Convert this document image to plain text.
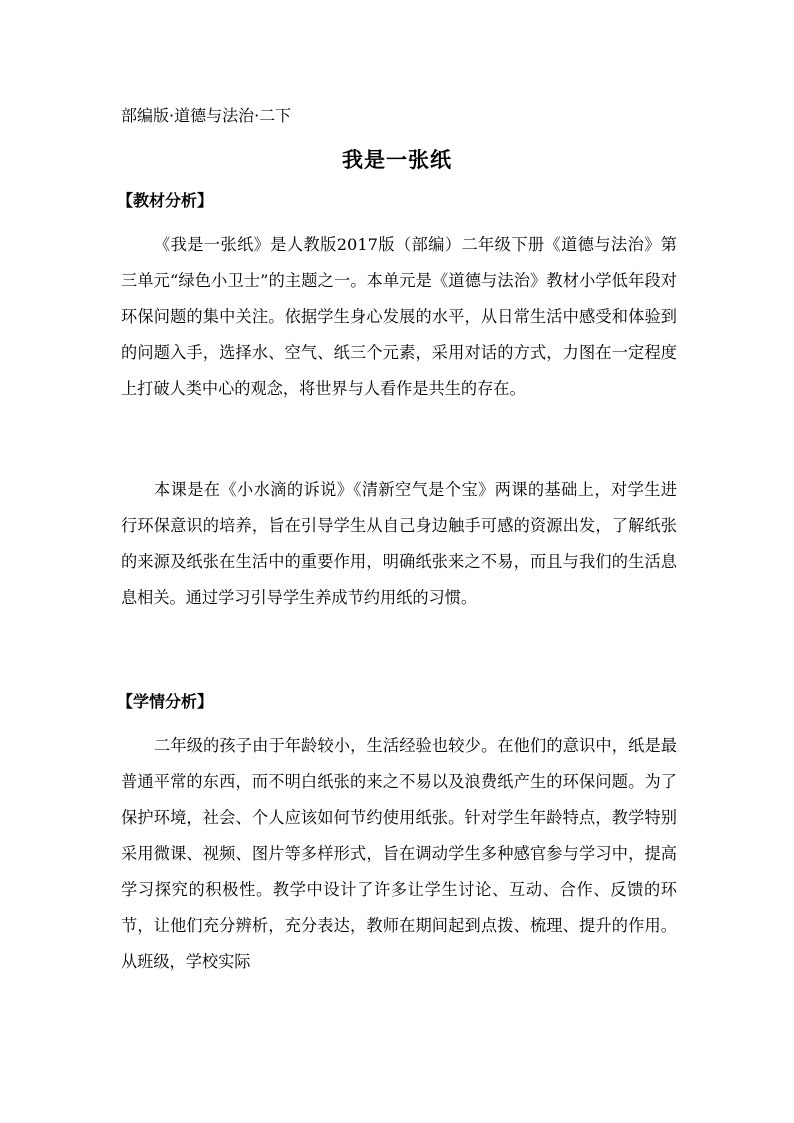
部编版·道德与法治·二下
我是一张纸
【教材分析】

《我是一张纸》是人教版2017版（部编）二年级下册《道德与法治》第三单元“绿色小卫士”的主题之一。本单元是《道德与法治》教材小学低年段对环保问题的集中关注。依据学生身心发展的水平，从日常生活中感受和体验到的问题入手，选择水、空气、纸三个元素，采用对话的方式，力图在一定程度上打破人类中心的观念，将世界与人看作是共生的存在。

本课是在《小水滴的诉说》《清新空气是个宝》两课的基础上，对学生进行环保意识的培养，旨在引导学生从自己身边触手可感的资源出发，了解纸张的来源及纸张在生活中的重要作用，明确纸张来之不易，而且与我们的生活息息相关。通过学习引导学生养成节约用纸的习惯。

【学情分析】

二年级的孩子由于年龄较小，生活经验也较少。在他们的意识中，纸是最普通平常的东西，而不明白纸张的来之不易以及浪费纸产生的环保问题。为了保护环境，社会、个人应该如何节约使用纸张。针对学生年龄特点，教学特别采用微课、视频、图片等多样形式，旨在调动学生多种感官参与学习中，提高学习探究的积极性。教学中设计了许多让学生讨论、互动、合作、反馈的环节，让他们充分辨析，充分表达，教师在期间起到点拨、梳理、提升的作用。从班级，学校实际
